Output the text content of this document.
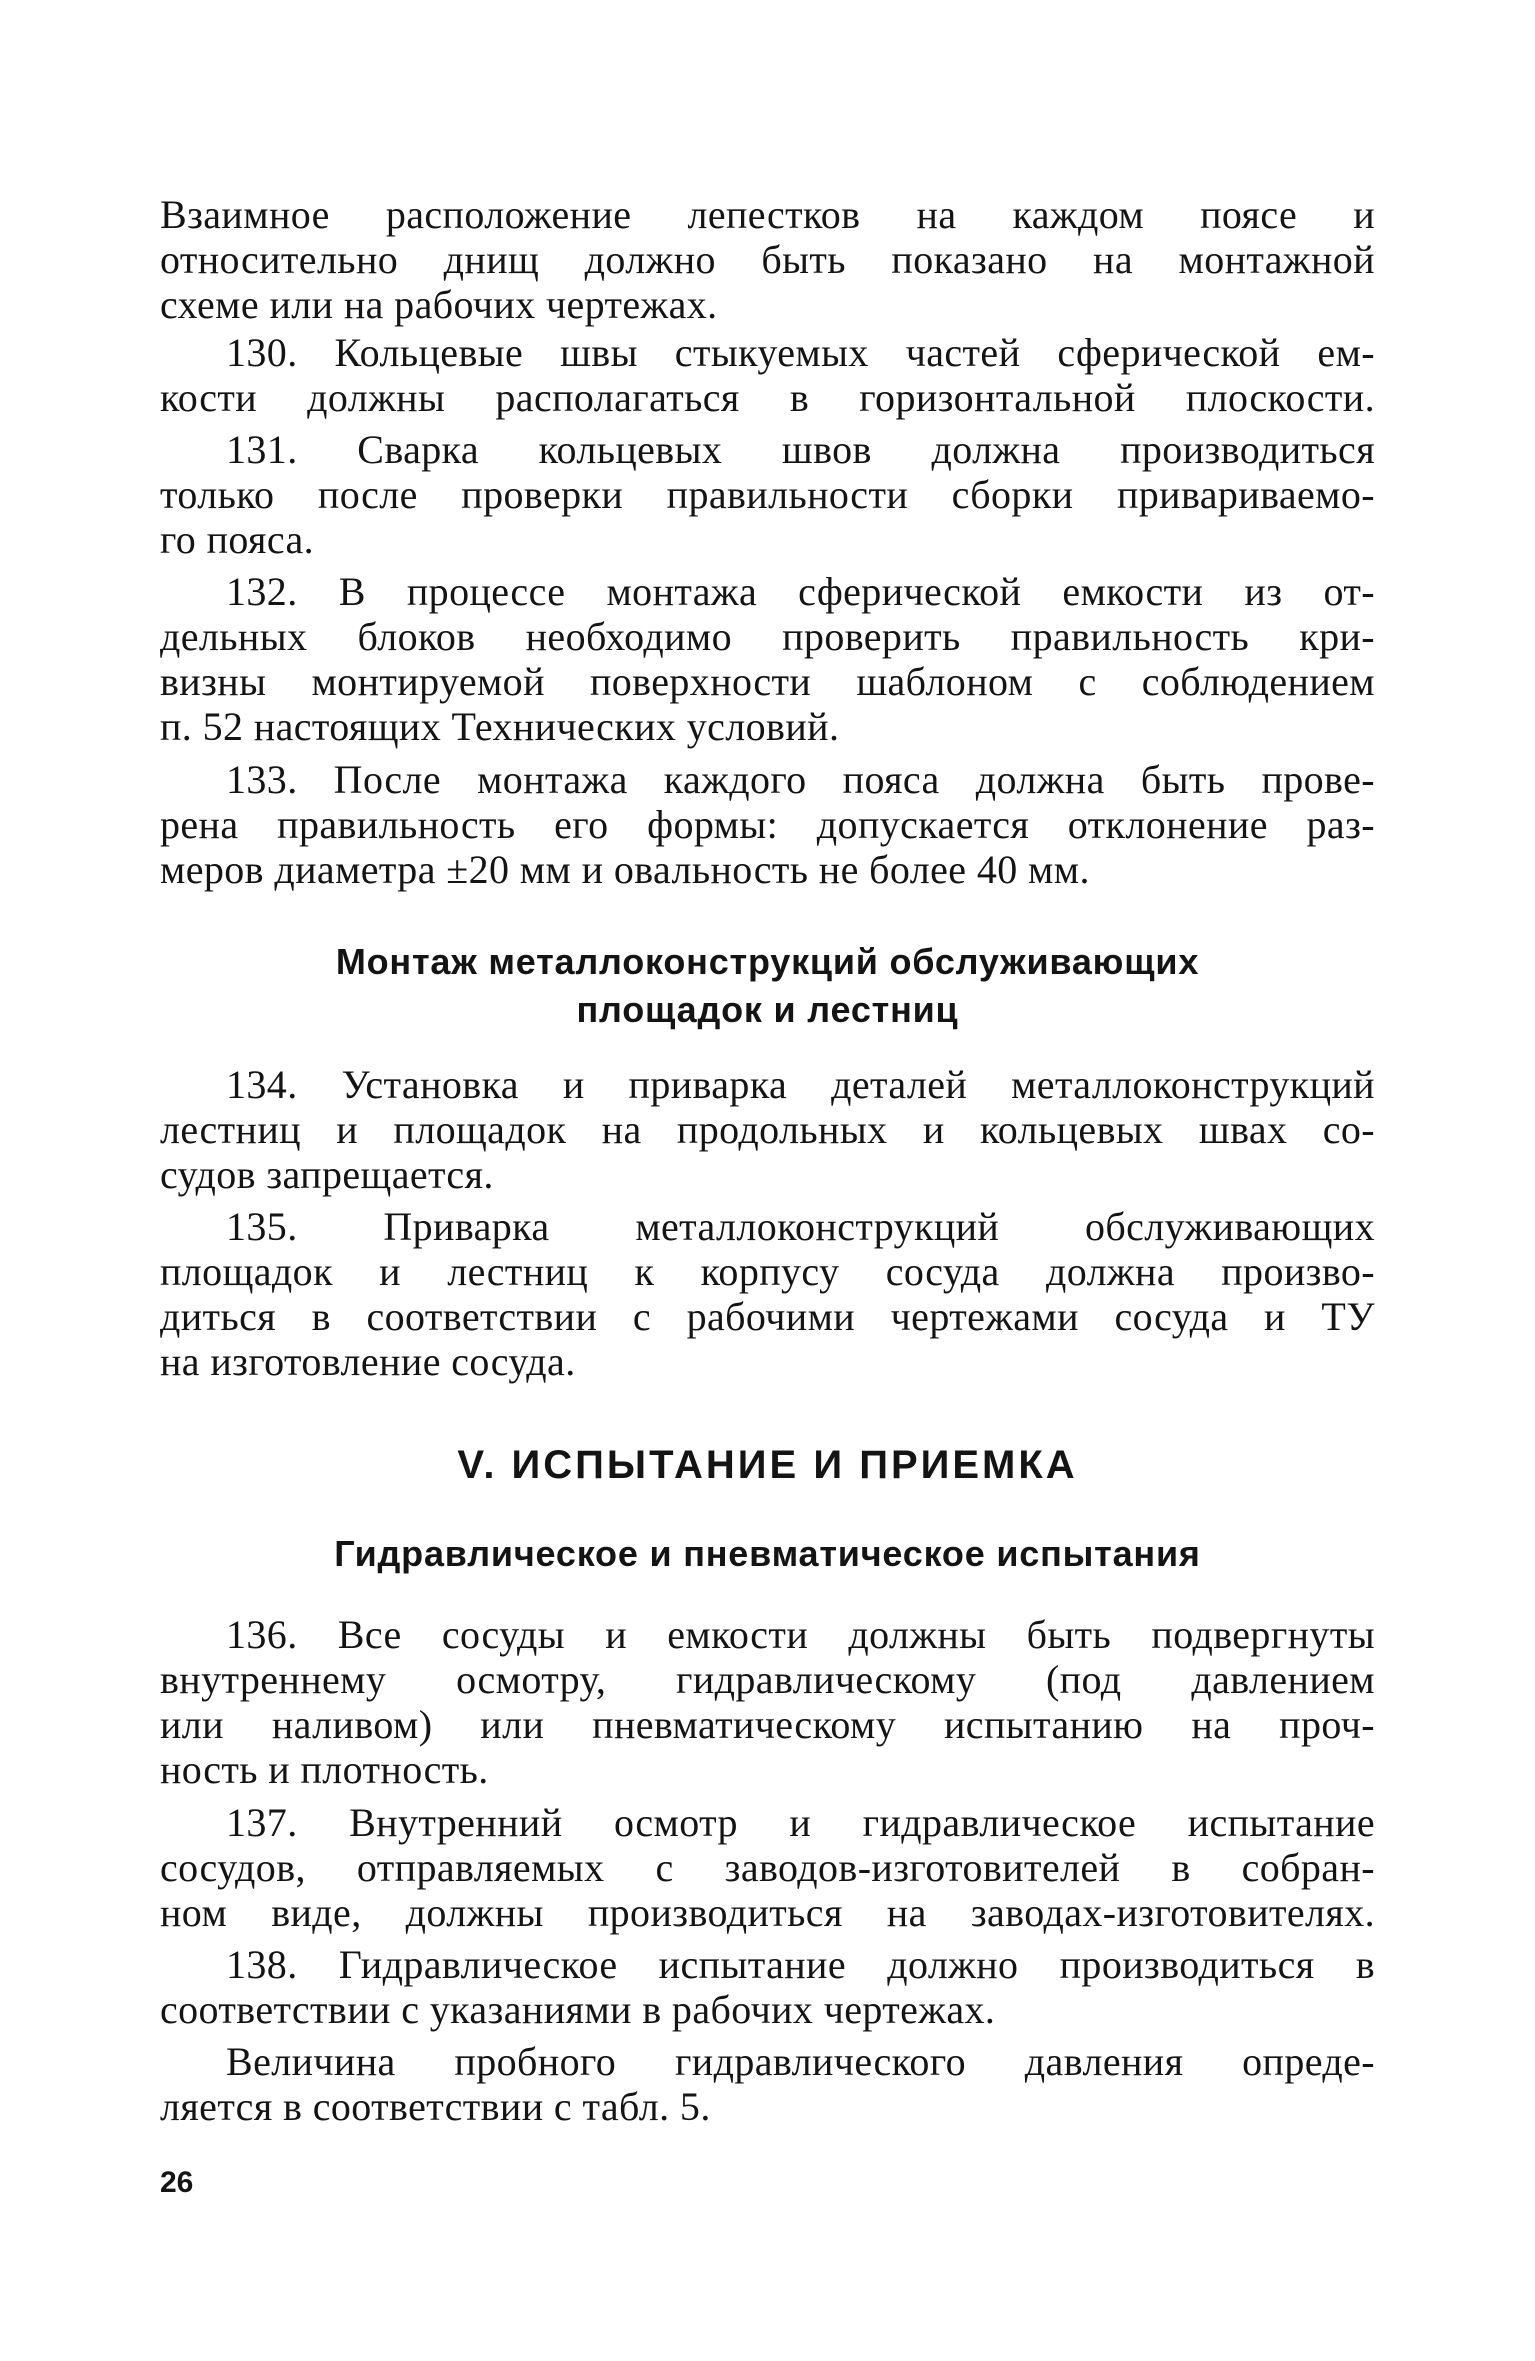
Взаимное расположение лепестков на каждом поясе и
относительно днищ должно быть показано на монтажной
схеме или на рабочих чертежах.
130. Кольцевые швы стыкуемых частей сферической ем-
кости должны располагаться в горизонтальной плоскости.
131. Сварка кольцевых швов должна производиться
только после проверки правильности сборки привариваемо-
го пояса.
132. В процессе монтажа сферической емкости из от-
дельных блоков необходимо проверить правильность кри-
визны монтируемой поверхности шаблоном с соблюдением
п. 52 настоящих Технических условий.
133. После монтажа каждого пояса должна быть прове-
рена правильность его формы: допускается отклонение раз-
меров диаметра ±20 мм и овальность не более 40 мм.
Монтаж металлоконструкций обслуживающих
площадок и лестниц
134. Установка и приварка деталей металлоконструкций
лестниц и площадок на продольных и кольцевых швах со-
судов запрещается.
135. Приварка металлоконструкций обслуживающих
площадок и лестниц к корпусу сосуда должна произво-
диться в соответствии с рабочими чертежами сосуда и ТУ
на изготовление сосуда.
V. ИСПЫТАНИЕ И ПРИЕМКА
Гидравлическое и пневматическое испытания
136. Все сосуды и емкости должны быть подвергнуты
внутреннему осмотру, гидравлическому (под давлением
или наливом) или пневматическому испытанию на проч-
ность и плотность.
137. Внутренний осмотр и гидравлическое испытание
сосудов, отправляемых с заводов-изготовителей в собран-
ном виде, должны производиться на заводах-изготовителях.
138. Гидравлическое испытание должно производиться в
соответствии с указаниями в рабочих чертежах.
Величина пробного гидравлического давления опреде-
ляется в соответствии с табл. 5.
26
